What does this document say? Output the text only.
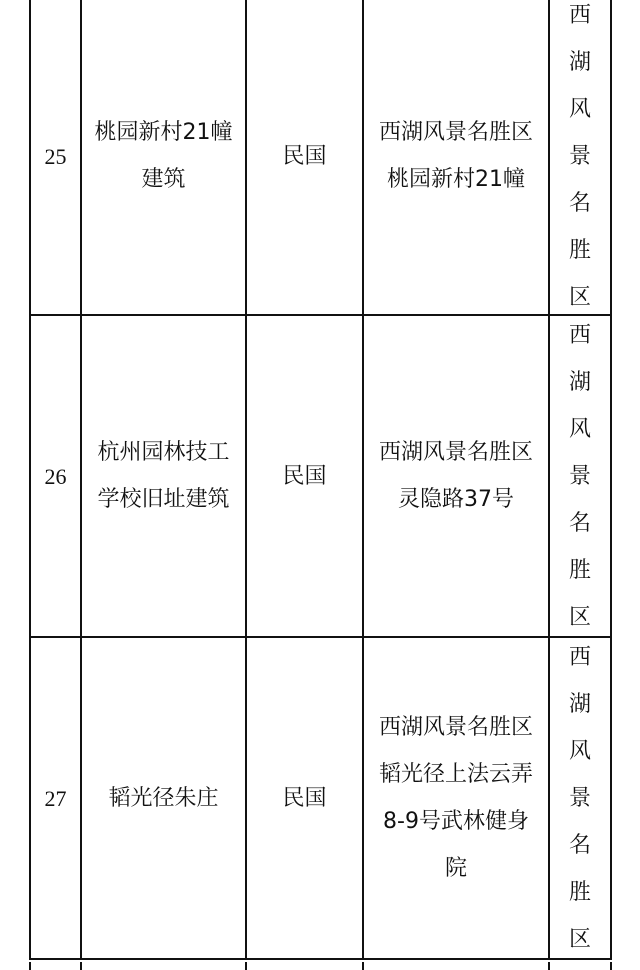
25
桃园新村21幢建筑
民国
西湖风景名胜区桃园新村21幢
西湖风景名胜区
26
杭州园林技工学校旧址建筑
民国
西湖风景名胜区灵隐路37号
西湖风景名胜区
27	韬光径朱庄	民国
西湖风景名胜区韬光径上法云弄8-9号武林健身院
西湖风景名胜区
